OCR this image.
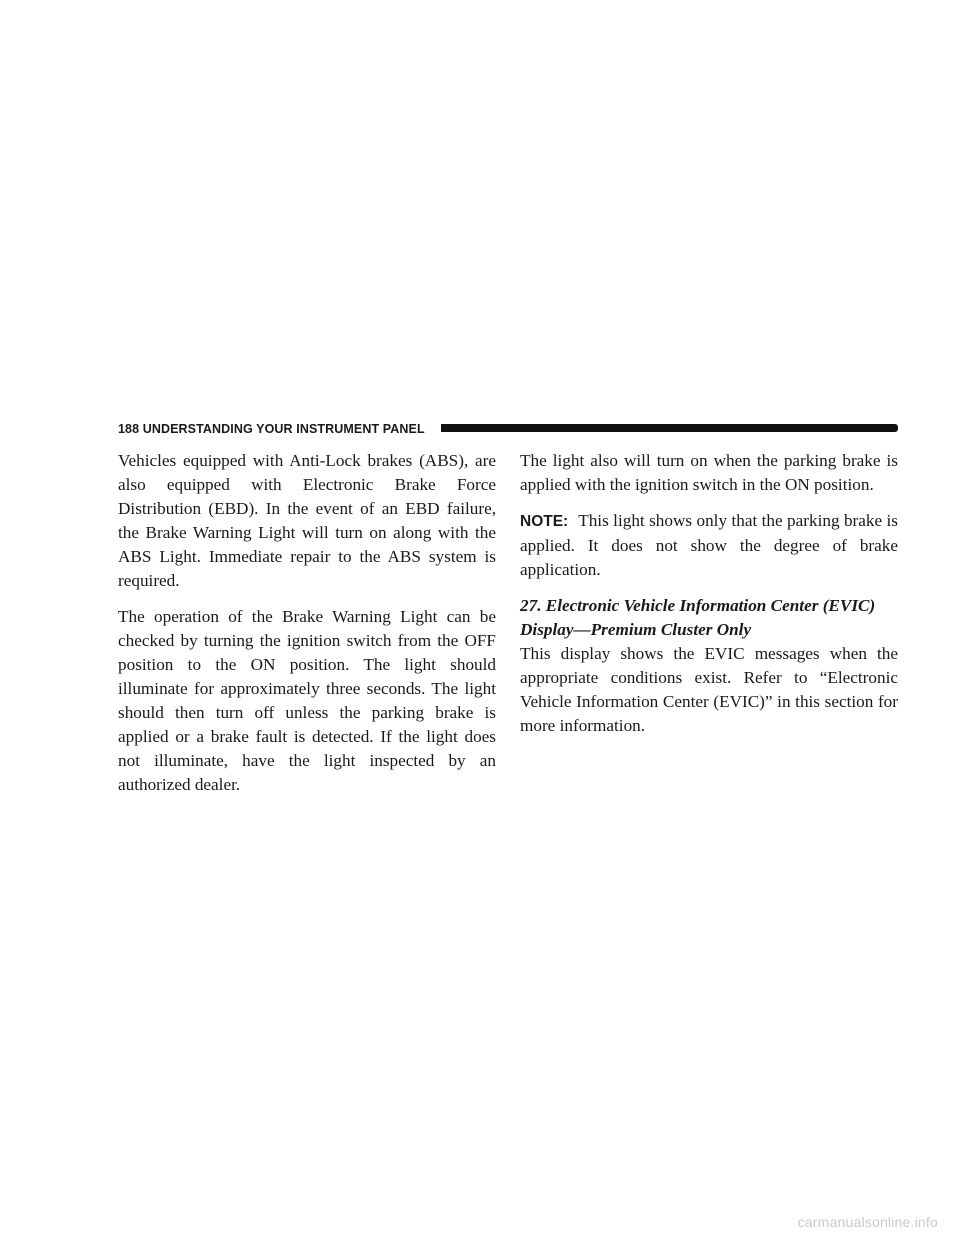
188 UNDERSTANDING YOUR INSTRUMENT PANEL

Vehicles equipped with Anti-Lock brakes (ABS), are also equipped with Electronic Brake Force Distribution (EBD). In the event of an EBD failure, the Brake Warning Light will turn on along with the ABS Light. Immediate repair to the ABS system is required.

The operation of the Brake Warning Light can be checked by turning the ignition switch from the OFF position to the ON position. The light should illuminate for approximately three seconds. The light should then turn off unless the parking brake is applied or a brake fault is detected. If the light does not illuminate, have the light inspected by an authorized dealer.

The light also will turn on when the parking brake is applied with the ignition switch in the ON position.

NOTE: This light shows only that the parking brake is applied. It does not show the degree of brake application.

27. Electronic Vehicle Information Center (EVIC)

Display—Premium Cluster Only

This display shows the EVIC messages when the appropriate conditions exist. Refer to “Electronic Vehicle Information Center (EVIC)” in this section for more information.

carmanualsonline.info
